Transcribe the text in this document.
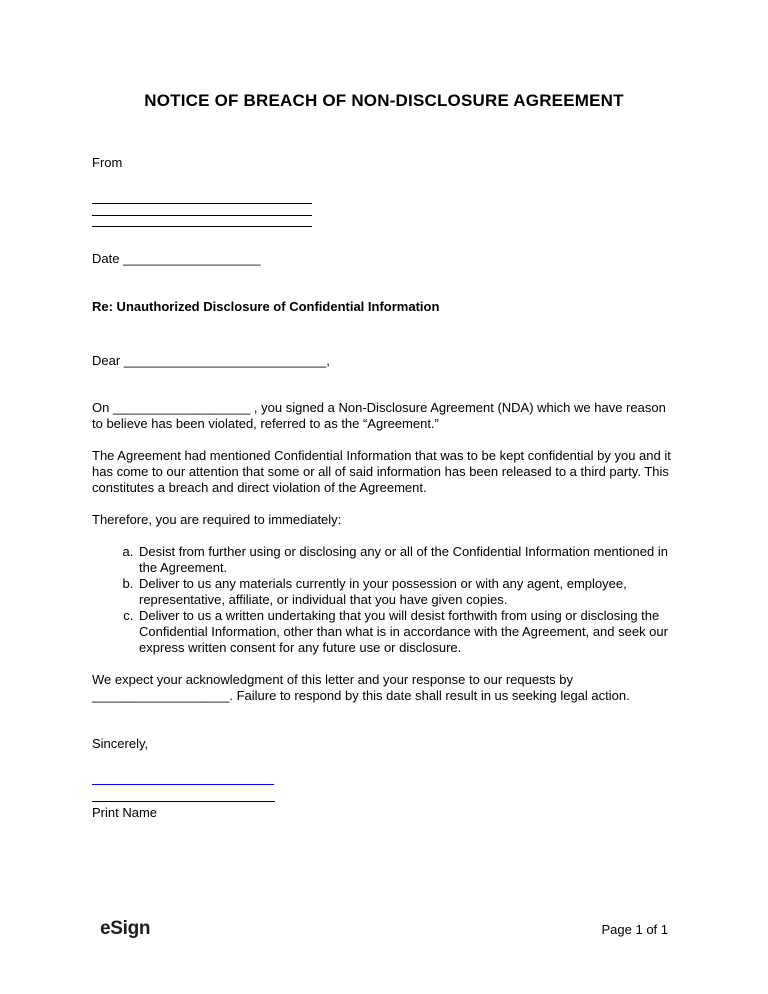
NOTICE OF BREACH OF NON-DISCLOSURE AGREEMENT
From
Date ___________________
Re: Unauthorized Disclosure of Confidential Information
Dear ____________________________,

On ___________________ , you signed a Non-Disclosure Agreement (NDA) which we have reason to believe has been violated, referred to as the “Agreement.”

The Agreement had mentioned Confidential Information that was to be kept confidential by you and it has come to our attention that some or all of said information has been released to a third party. This constitutes a breach and direct violation of the Agreement.

Therefore, you are required to immediately:

a. Desist from further using or disclosing any or all of the Confidential Information mentioned in the Agreement.
b. Deliver to us any materials currently in your possession or with any agent, employee, representative, affiliate, or individual that you have given copies.
c. Deliver to us a written undertaking that you will desist forthwith from using or disclosing the Confidential Information, other than what is in accordance with the Agreement, and seek our express written consent for any future use or disclosure.

We expect your acknowledgment of this letter and your response to our requests by ___________________. Failure to respond by this date shall result in us seeking legal action.

Sincerely,
Print Name
eSign	Page 1 of 1
